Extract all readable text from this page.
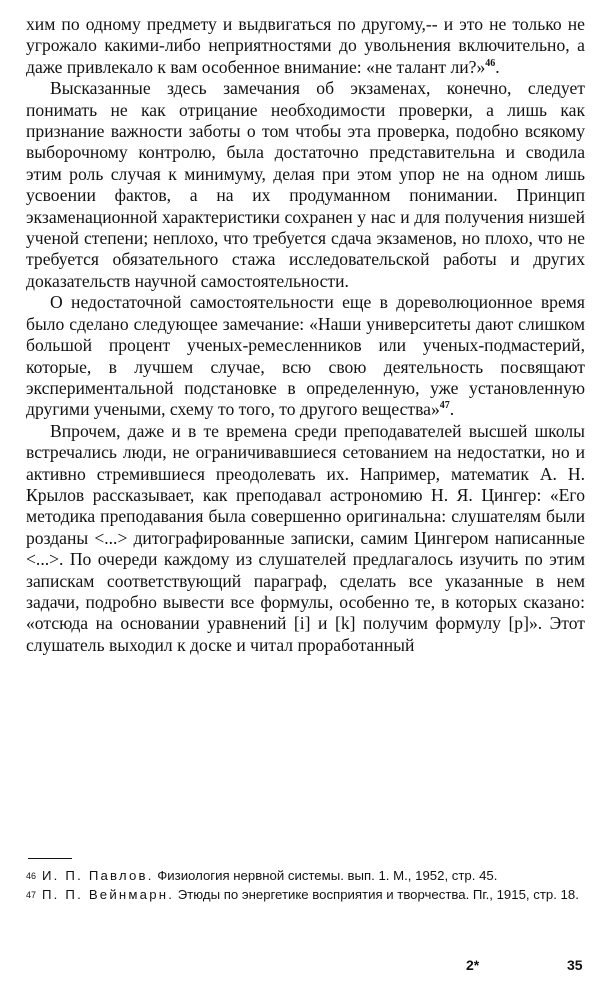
хим по одному предмету и выдвигаться по другому,-- и это не только не угрожало какими-либо неприятностями до увольнения включительно, а даже привлекало к вам особенное внимание: «не талант ли?»$^{46}$.

Высказанные здесь замечания об экзаменах, конечно, следует понимать не как отрицание необходимости проверки, а лишь как признание важности заботы о том чтобы эта проверка, подобно всякому выборочному контролю, была достаточно представительна и сводила этим роль случая к минимуму, делая при этом упор не на одном лишь усвоении фактов, а на их продуманном понимании. Принцип экзаменационной характеристики сохранен у нас и для получения низшей ученой степени; неплохо, что требуется сдача экзаменов, но плохо, что не требуется обязательного стажа исследовательской работы и других доказательств научной самостоятельности.

О недостаточной самостоятельности еще в дореволюционное время было сделано следующее замечание: «Наши университеты дают слишком большой процент ученых-ремесленников или ученых-подмастерий, которые, в лучшем случае, всю свою деятельность посвящают экспериментальной подстановке в определенную, уже установленную другими учеными, схему то того, то другого вещества»$^{47}$.

Впрочем, даже и в те времена среди преподавателей высшей школы встречались люди, не ограничивавшиеся сетованием на недостатки, но и активно стремившиеся преодолевать их. Например, математик А. Н. Крылов рассказывает, как преподавал астрономию Н. Я. Цингер: «Его методика преподавания была совершенно оригинальна: слушателям были розданы <...> дитографированные записки, самим Цингером написанные <...>. По очереди каждому из слушателей предлагалось изучить по этим запискам соответствующий параграф, сделать все указанные в нем задачи, подробно вывести все формулы, особенно те, в которых сказано: «отсюда на основании уравнений [i] и [k] получим формулу [p]». Этот слушатель выходил к доске и читал проработанный

46 И. П. Павлов. Физиология нервной системы. вып. 1. М., 1952, стр. 45.

47 П. П. Вейнмарн. Этюды по энергетике восприятия и творчества. Пг., 1915, стр. 18.

2*	35
